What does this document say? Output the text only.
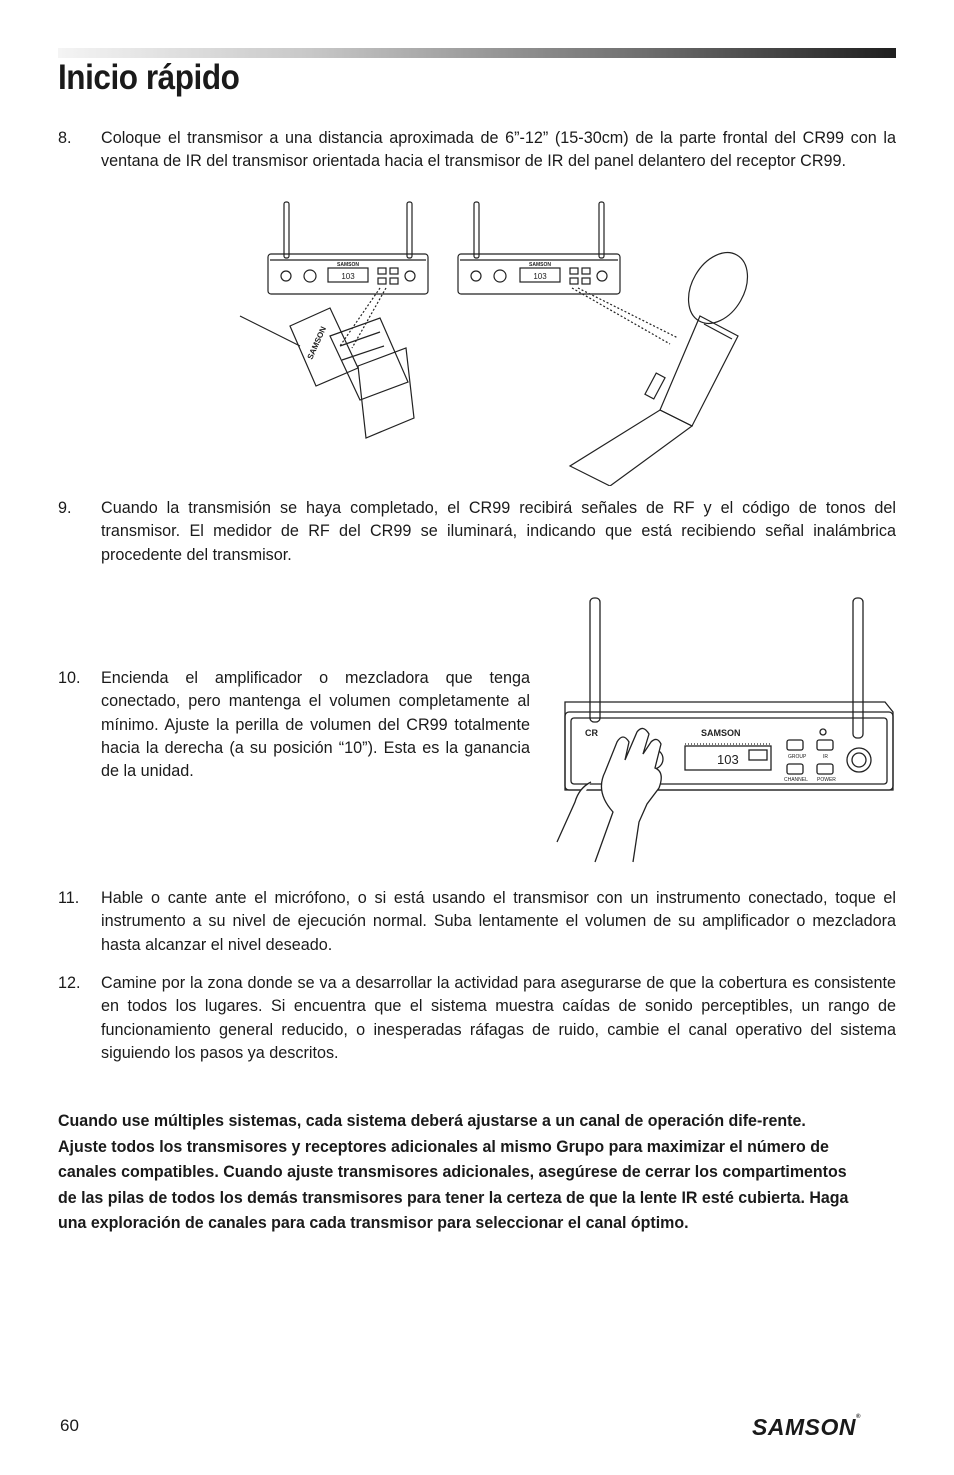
Inicio rápido
8. Coloque el transmisor a una distancia aproximada de 6”-12” (15-30cm) de la parte frontal del CR99 con la ventana de IR del transmisor orientada hacia el transmisor de IR del panel delantero del receptor CR99.
103
SAMSON
103
SAMSON
SAMSON
9. Cuando la transmisión se haya completado, el CR99 recibirá señales de RF y el código de tonos del transmisor. El medidor de RF del CR99 se iluminará, indicando que está recibiendo señal inalámbrica procedente del transmisor.
10. Encienda el amplificador o mezcladora que tenga conectado, pero mantenga el volumen completamente al mínimo. Ajuste la perilla de volumen del CR99 totalmente hacia la derecha (a su posición “10”). Esta es la ganancia de la unidad.
CR	SAMSON
103	GROUP	IR
CHANNEL POWER
11. Hable o cante ante el micrófono, o si está usando el transmisor con un instrumento conectado, toque el instrumento a su nivel de ejecución normal. Suba lentamente el volumen de su amplificador o mezcladora hasta alcanzar el nivel deseado.
12. Camine por la zona donde se va a desarrollar la actividad para asegurarse de que la cobertura es consistente en todos los lugares. Si encuentra que el sistema muestra caídas de sonido perceptibles, un rango de funcionamiento general reducido, o inesperadas ráfagas de ruido, cambie el canal operativo del sistema siguiendo los pasos ya descritos.
Cuando use múltiples sistemas, cada sistema deberá ajustarse a un canal de operación dife-rente. Ajuste todos los transmisores y receptores adicionales al mismo Grupo para maximizar el número de canales compatibles. Cuando ajuste transmisores adicionales, asegúrese de cerrar los compartimentos de las pilas de todos los demás transmisores para tener la certeza de que la lente IR esté cubierta. Haga una exploración de canales para cada transmisor para seleccionar el canal óptimo.
60	SAMSON®
